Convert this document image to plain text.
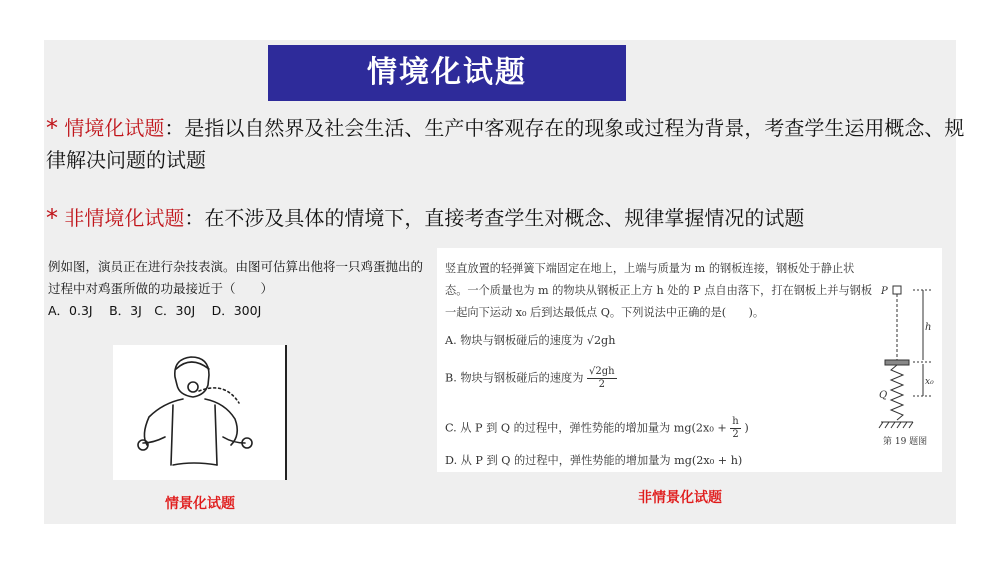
情境化试题
* 情境化试题：是指以自然界及社会生活、生产中客观存在的现象或过程为背景，考查学生运用概念、规律解决问题的试题
* 非情境化试题：在不涉及具体的情境下，直接考查学生对概念、规律掌握情况的试题
例如图，演员正在进行杂技表演。由图可估算出他将一只鸡蛋抛出的过程中对鸡蛋所做的功最接近于（　　）
A．0.3J　 B．3J　C．30J　 D．300J
情景化试题
竖直放置的轻弹簧下端固定在地上，上端与质量为 m 的钢板连接，钢板处于静止状态。一个质量也为 m 的物块从钢板正上方 h 处的 P 点自由落下，打在钢板上并与钢板一起向下运动 x₀ 后到达最低点 Q。下列说法中正确的是(　　)。
A. 物块与钢板碰后的速度为 √2gh
B. 物块与钢板碰后的速度为 $\frac{√2gh}{2}$
C. 从 P 到 Q 的过程中，弹性势能的增加量为 $mg(2x_0 + \frac{h}{2}$ )
D. 从 P 到 Q 的过程中，弹性势能的增加量为 mg(2x₀ + h)
P
h
Q
x₀
第 19 题图
非情景化试题
